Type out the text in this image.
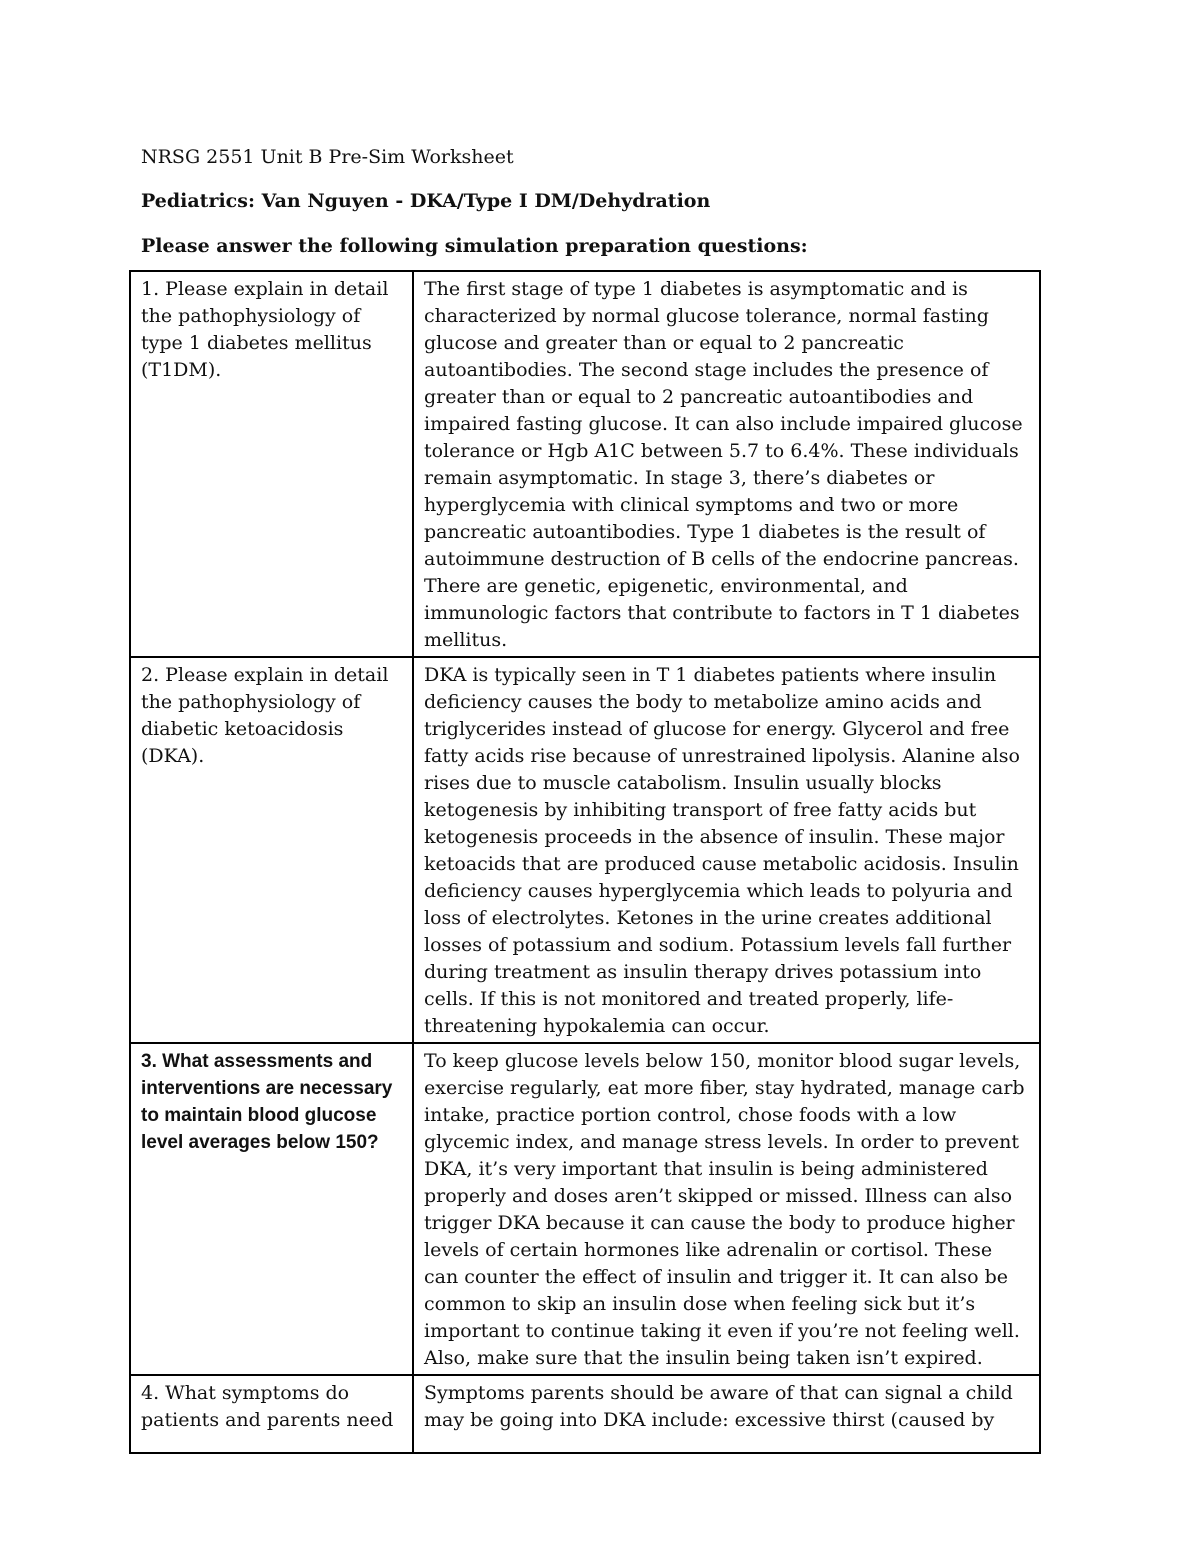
NRSG 2551 Unit B Pre-Sim Worksheet
Pediatrics: Van Nguyen - DKA/Type I DM/Dehydration
Please answer the following simulation preparation questions:
1. Please explain in detail the pathophysiology of type 1 diabetes mellitus (T1DM).	The first stage of type 1 diabetes is asymptomatic and is characterized by normal glucose tolerance, normal fasting glucose and greater than or equal to 2 pancreatic autoantibodies. The second stage includes the presence of greater than or equal to 2 pancreatic autoantibodies and impaired fasting glucose. It can also include impaired glucose tolerance or Hgb A1C between 5.7 to 6.4%. These individuals remain asymptomatic. In stage 3, there’s diabetes or hyperglycemia with clinical symptoms and two or more pancreatic autoantibodies. Type 1 diabetes is the result of autoimmune destruction of B cells of the endocrine pancreas. There are genetic, epigenetic, environmental, and immunologic factors that contribute to factors in T 1 diabetes mellitus.
2. Please explain in detail the pathophysiology of diabetic ketoacidosis (DKA).	DKA is typically seen in T 1 diabetes patients where insulin deficiency causes the body to metabolize amino acids and triglycerides instead of glucose for energy. Glycerol and free fatty acids rise because of unrestrained lipolysis. Alanine also rises due to muscle catabolism. Insulin usually blocks ketogenesis by inhibiting transport of free fatty acids but ketogenesis proceeds in the absence of insulin. These major ketoacids that are produced cause metabolic acidosis. Insulin deficiency causes hyperglycemia which leads to polyuria and loss of electrolytes. Ketones in the urine creates additional losses of potassium and sodium. Potassium levels fall further during treatment as insulin therapy drives potassium into cells. If this is not monitored and treated properly, life-threatening hypokalemia can occur.
3. What assessments and interventions are necessary to maintain blood glucose level averages below 150?	To keep glucose levels below 150, monitor blood sugar levels, exercise regularly, eat more fiber, stay hydrated, manage carb intake, practice portion control, chose foods with a low glycemic index, and manage stress levels. In order to prevent DKA, it’s very important that insulin is being administered properly and doses aren’t skipped or missed. Illness can also trigger DKA because it can cause the body to produce higher levels of certain hormones like adrenalin or cortisol. These can counter the effect of insulin and trigger it. It can also be common to skip an insulin dose when feeling sick but it’s important to continue taking it even if you’re not feeling well. Also, make sure that the insulin being taken isn’t expired.
4. What symptoms do patients and parents need	Symptoms parents should be aware of that can signal a child may be going into DKA include: excessive thirst (caused by
